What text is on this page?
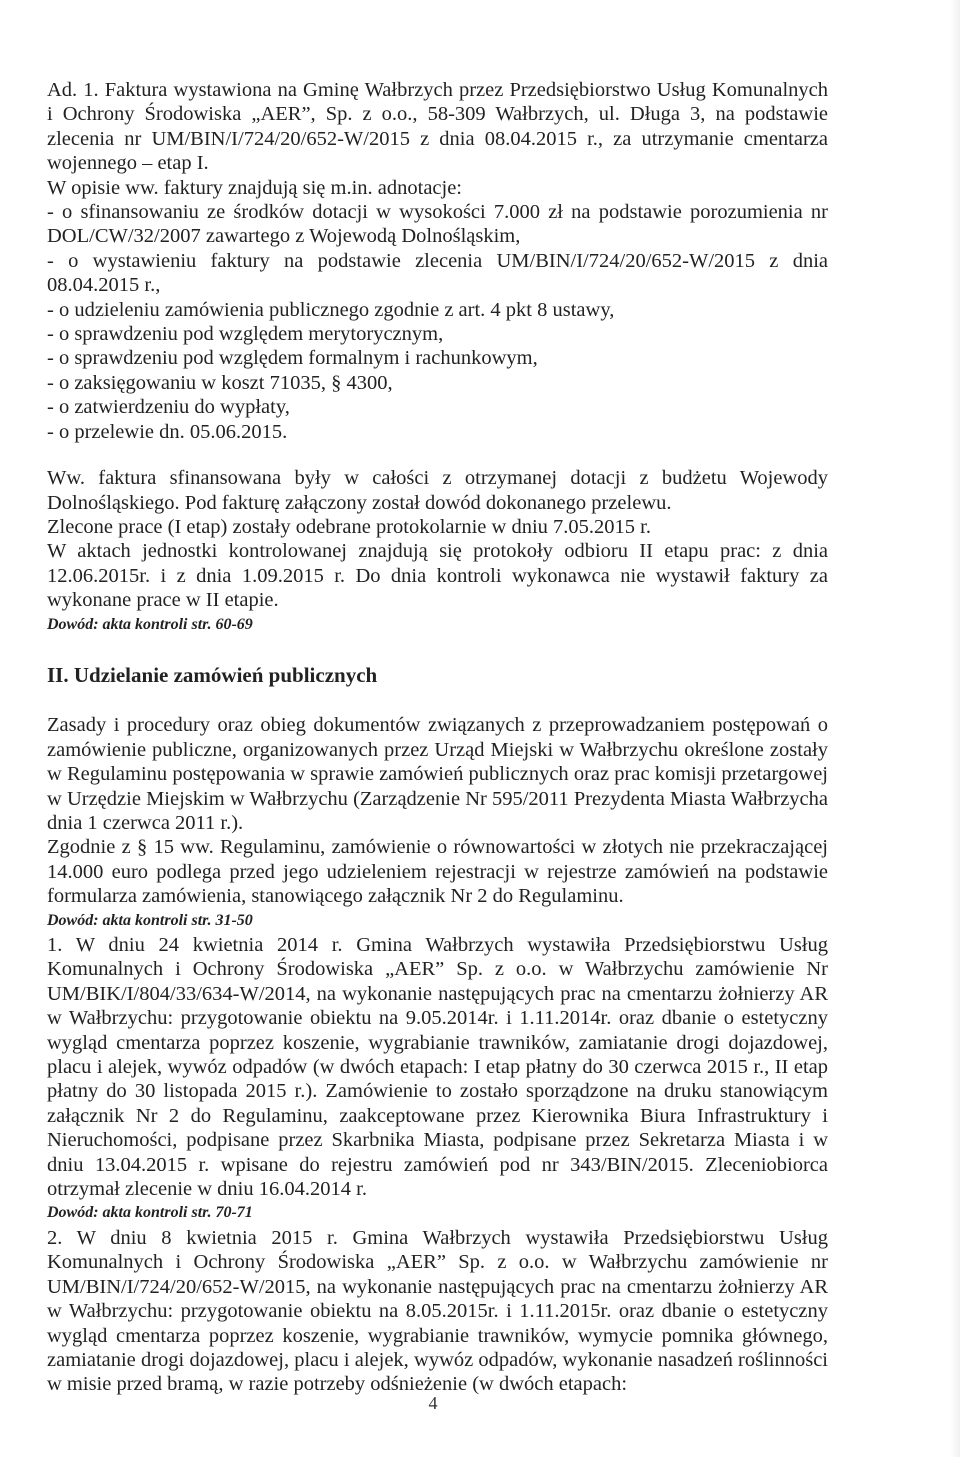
Ad. 1. Faktura wystawiona na Gminę Wałbrzych przez Przedsiębiorstwo Usług Komunalnych i Ochrony Środowiska „AER”, Sp. z o.o., 58-309 Wałbrzych, ul. Długa 3, na podstawie zlecenia nr UM/BIN/I/724/20/652-W/2015 z dnia 08.04.2015 r., za utrzymanie cmentarza wojennego – etap I.

W opisie ww. faktury znajdują się m.in. adnotacje:

- o sfinansowaniu ze środków dotacji w wysokości 7.000 zł na podstawie porozumienia nr DOL/CW/32/2007 zawartego z Wojewodą Dolnośląskim,

- o wystawieniu faktury na podstawie zlecenia UM/BIN/I/724/20/652-W/2015 z dnia 08.04.2015 r.,

- o udzieleniu zamówienia publicznego zgodnie z art. 4 pkt 8 ustawy,

- o sprawdzeniu pod względem merytorycznym,

- o sprawdzeniu pod względem formalnym i rachunkowym,

- o zaksięgowaniu w koszt 71035, § 4300,

- o zatwierdzeniu do wypłaty,

- o przelewie dn. 05.06.2015.

Ww. faktura sfinansowana były w całości z otrzymanej dotacji z budżetu Wojewody Dolnośląskiego. Pod fakturę załączony został dowód dokonanego przelewu.

Zlecone prace (I etap) zostały odebrane protokolarnie w dniu 7.05.2015 r.

W aktach jednostki kontrolowanej znajdują się protokoły odbioru II etapu prac: z dnia 12.06.2015r. i z dnia 1.09.2015 r. Do dnia kontroli wykonawca nie wystawił faktury za wykonane prace w II etapie.

Dowód: akta kontroli str. 60-69

II. Udzielanie zamówień publicznych

Zasady i procedury oraz obieg dokumentów związanych z przeprowadzaniem postępowań o zamówienie publiczne, organizowanych przez Urząd Miejski w Wałbrzychu określone zostały w Regulaminu postępowania w sprawie zamówień publicznych oraz prac komisji przetargowej w Urzędzie Miejskim w Wałbrzychu (Zarządzenie Nr 595/2011 Prezydenta Miasta Wałbrzycha dnia 1 czerwca 2011 r.).

Zgodnie z § 15 ww. Regulaminu, zamówienie o równowartości w złotych nie przekraczającej 14.000 euro podlega przed jego udzieleniem rejestracji w rejestrze zamówień na podstawie formularza zamówienia, stanowiącego załącznik Nr 2 do Regulaminu.

Dowód: akta kontroli str. 31-50

1. W dniu 24 kwietnia 2014 r. Gmina Wałbrzych wystawiła Przedsiębiorstwu Usług Komunalnych i Ochrony Środowiska „AER” Sp. z o.o. w Wałbrzychu zamówienie Nr UM/BIK/I/804/33/634-W/2014, na wykonanie następujących prac na cmentarzu żołnierzy AR w Wałbrzychu: przygotowanie obiektu na 9.05.2014r. i 1.11.2014r. oraz dbanie o estetyczny wygląd cmentarza poprzez koszenie, wygrabianie trawników, zamiatanie drogi dojazdowej, placu i alejek, wywóz odpadów (w dwóch etapach: I etap płatny do 30 czerwca 2015 r., II etap płatny do 30 listopada 2015 r.). Zamówienie to zostało sporządzone na druku stanowiącym załącznik Nr 2 do Regulaminu, zaakceptowane przez Kierownika Biura Infrastruktury i Nieruchomości, podpisane przez Skarbnika Miasta, podpisane przez Sekretarza Miasta i w dniu 13.04.2015 r. wpisane do rejestru zamówień pod nr 343/BIN/2015. Zleceniobiorca otrzymał zlecenie w dniu 16.04.2014 r.

Dowód: akta kontroli str. 70-71

2. W dniu 8 kwietnia 2015 r. Gmina Wałbrzych wystawiła Przedsiębiorstwu Usług Komunalnych i Ochrony Środowiska „AER” Sp. z o.o. w Wałbrzychu zamówienie nr UM/BIN/I/724/20/652-W/2015, na wykonanie następujących prac na cmentarzu żołnierzy AR w Wałbrzychu: przygotowanie obiektu na 8.05.2015r. i 1.11.2015r. oraz dbanie o estetyczny wygląd cmentarza poprzez koszenie, wygrabianie trawników, wymycie pomnika głównego, zamiatanie drogi dojazdowej, placu i alejek, wywóz odpadów, wykonanie nasadzeń roślinności w misie przed bramą, w razie potrzeby odśnieżenie (w dwóch etapach:

4
